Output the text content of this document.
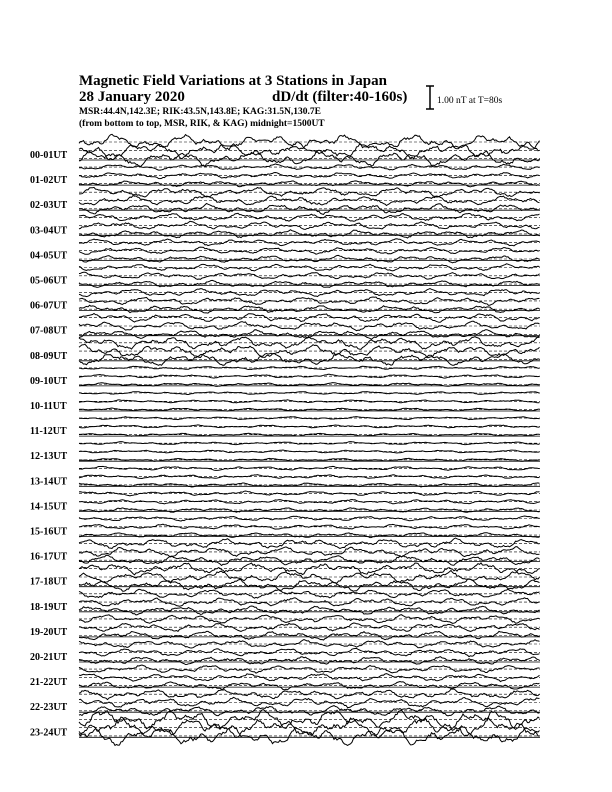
Magnetic Field Variations at 3 Stations in Japan
28 January 2020	dD/dt (filter:40-160s)
MSR:44.4N,142.3E; RIK:43.5N,143.8E; KAG:31.5N,130.7E
(from bottom to top, MSR, RIK, & KAG) midnight=1500UT
1.00 nT at T=80s
00-01UT
01-02UT
02-03UT
03-04UT
04-05UT
05-06UT
06-07UT
07-08UT
08-09UT
09-10UT
10-11UT
11-12UT
12-13UT
13-14UT
14-15UT
15-16UT
16-17UT
17-18UT
18-19UT
19-20UT
20-21UT
21-22UT
22-23UT
23-24UT
